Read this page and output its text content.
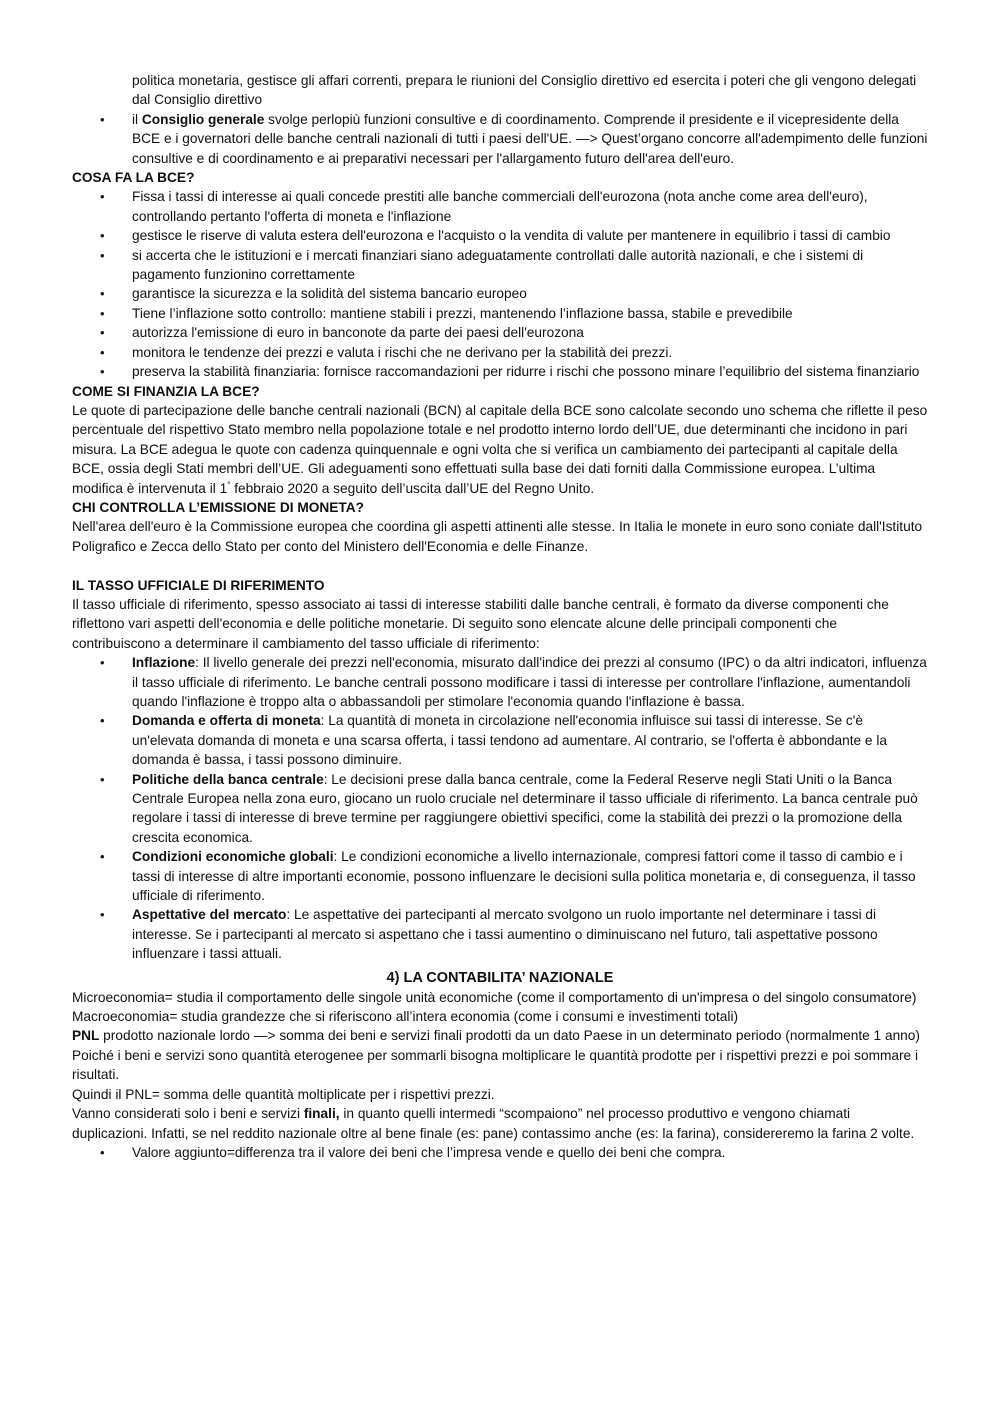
politica monetaria, gestisce gli affari correnti, prepara le riunioni del Consiglio direttivo ed esercita i poteri che gli vengono delegati dal Consiglio direttivo

• il Consiglio generale svolge perlopiù funzioni consultive e di coordinamento. Comprende il presidente e il vicepresidente della BCE e i governatori delle banche centrali nazionali di tutti i paesi dell'UE. —> Quest’organo concorre all'adempimento delle funzioni consultive e di coordinamento e ai preparativi necessari per l'allargamento futuro dell'area dell'euro.

COSA FA LA BCE?

• Fissa i tassi di interesse ai quali concede prestiti alle banche commerciali dell'eurozona (nota anche come area dell'euro), controllando pertanto l'offerta di moneta e l'inflazione
• gestisce le riserve di valuta estera dell'eurozona e l'acquisto o la vendita di valute per mantenere in equilibrio i tassi di cambio
• si accerta che le istituzioni e i mercati finanziari siano adeguatamente controllati dalle autorità nazionali, e che i sistemi di pagamento funzionino correttamente
• garantisce la sicurezza e la solidità del sistema bancario europeo
• Tiene l’inflazione sotto controllo: mantiene stabili i prezzi, mantenendo l’inflazione bassa, stabile e prevedibile
• autorizza l'emissione di euro in banconote da parte dei paesi dell'eurozona
• monitora le tendenze dei prezzi e valuta i rischi che ne derivano per la stabilità dei prezzi.
• preserva la stabilità finanziaria: fornisce raccomandazioni per ridurre i rischi che possono minare l’equilibrio del sistema finanziario

COME SI FINANZIA LA BCE?

Le quote di partecipazione delle banche centrali nazionali (BCN) al capitale della BCE sono calcolate secondo uno schema che riflette il peso percentuale del rispettivo Stato membro nella popolazione totale e nel prodotto interno lordo dell’UE, due determinanti che incidono in pari misura. La BCE adegua le quote con cadenza quinquennale e ogni volta che si verifica un cambiamento dei partecipanti al capitale della BCE, ossia degli Stati membri dell’UE. Gli adeguamenti sono effettuati sulla base dei dati forniti dalla Commissione europea. L’ultima modifica è intervenuta il 1° febbraio 2020 a seguito dell’uscita dall’UE del Regno Unito.

CHI CONTROLLA L’EMISSIONE DI MONETA?

Nell'area dell'euro è la Commissione europea che coordina gli aspetti attinenti alle stesse. In Italia le monete in euro sono coniate dall'Istituto Poligrafico e Zecca dello Stato per conto del Ministero dell'Economia e delle Finanze.

IL TASSO UFFICIALE DI RIFERIMENTO

Il tasso ufficiale di riferimento, spesso associato ai tassi di interesse stabiliti dalle banche centrali, è formato da diverse componenti che riflettono vari aspetti dell'economia e delle politiche monetarie. Di seguito sono elencate alcune delle principali componenti che contribuiscono a determinare il cambiamento del tasso ufficiale di riferimento:

• Inflazione: Il livello generale dei prezzi nell'economia, misurato dall'indice dei prezzi al consumo (IPC) o da altri indicatori, influenza il tasso ufficiale di riferimento. Le banche centrali possono modificare i tassi di interesse per controllare l'inflazione, aumentandoli quando l'inflazione è troppo alta o abbassandoli per stimolare l'economia quando l'inflazione è bassa.
• Domanda e offerta di moneta: La quantità di moneta in circolazione nell'economia influisce sui tassi di interesse. Se c'è un'elevata domanda di moneta e una scarsa offerta, i tassi tendono ad aumentare. Al contrario, se l'offerta è abbondante e la domanda è bassa, i tassi possono diminuire.
• Politiche della banca centrale: Le decisioni prese dalla banca centrale, come la Federal Reserve negli Stati Uniti o la Banca Centrale Europea nella zona euro, giocano un ruolo cruciale nel determinare il tasso ufficiale di riferimento. La banca centrale può regolare i tassi di interesse di breve termine per raggiungere obiettivi specifici, come la stabilità dei prezzi o la promozione della crescita economica.
• Condizioni economiche globali: Le condizioni economiche a livello internazionale, compresi fattori come il tasso di cambio e i tassi di interesse di altre importanti economie, possono influenzare le decisioni sulla politica monetaria e, di conseguenza, il tasso ufficiale di riferimento.
• Aspettative del mercato: Le aspettative dei partecipanti al mercato svolgono un ruolo importante nel determinare i tassi di interesse. Se i partecipanti al mercato si aspettano che i tassi aumentino o diminuiscano nel futuro, tali aspettative possono influenzare i tassi attuali.

4) LA CONTABILITA’ NAZIONALE

Microeconomia= studia il comportamento delle singole unità economiche (come il comportamento di un'impresa o del singolo consumatore)

Macroeconomia= studia grandezze che si riferiscono all’intera economia (come i consumi e investimenti totali)

PNL prodotto nazionale lordo —> somma dei beni e servizi finali prodotti da un dato Paese in un determinato periodo (normalmente 1 anno)

Poiché i beni e servizi sono quantità eterogenee per sommarli bisogna moltiplicare le quantità prodotte per i rispettivi prezzi e poi sommare i risultati.

Quindi il PNL= somma delle quantità moltiplicate per i rispettivi prezzi.

Vanno considerati solo i beni e servizi finali, in quanto quelli intermedi “scompaiono” nel processo produttivo e vengono chiamati duplicazioni. Infatti, se nel reddito nazionale oltre al bene finale (es: pane) contassimo anche (es: la farina), considereremo la farina 2 volte.

• Valore aggiunto=differenza tra il valore dei beni che l’impresa vende e quello dei beni che compra.
